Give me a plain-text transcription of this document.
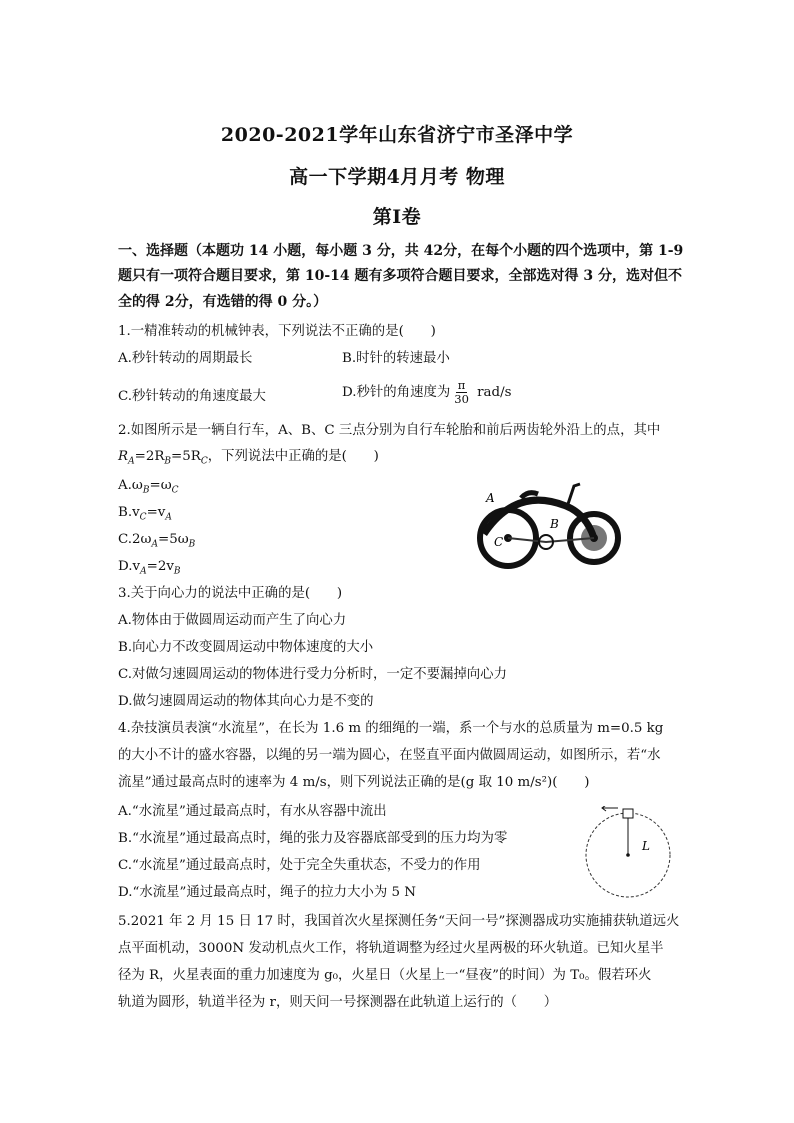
2020-2021学年山东省济宁市圣泽中学
高一下学期4月月考 物理
第Ⅰ卷
一、选择题（本题功 14 小题，每小题 3 分，共 42分，在每个小题的四个选项中，第 1-9
题只有一项符合题目要求，第 10-14 题有多项符合题目要求，全部选对得 3 分，选对但不
全的得 2分，有选错的得 0 分。）
1.一精准转动的机械钟表，下列说法不正确的是(　　)
A.秒针转动的周期最长	B.时针的转速最小
C.秒针转动的角速度最大	D.秒针的角速度为 $\frac{\pi}{30} rad/s$
2.如图所示是一辆自行车，A、B、C 三点分别为自行车轮胎和前后两齿轮外沿上的点，其中
$R_A=2R_B=5R_C$，下列说法中正确的是(　　)
$A.\omega_B=\omega_C$
$B.v_C=v_A$
$C.2\omega_A=5\omega_B$
$D.v_A=2v_B$
A
B
C
3.关于向心力的说法中正确的是(　　)
A.物体由于做圆周运动而产生了向心力
B.向心力不改变圆周运动中物体速度的大小
C.对做匀速圆周运动的物体进行受力分析时，一定不要漏掉向心力
D.做匀速圆周运动的物体其向心力是不变的
4.杂技演员表演“水流星”，在长为 1.6 m 的细绳的一端，系一个与水的总质量为 m=0.5 kg
的大小不计的盛水容器，以绳的另一端为圆心，在竖直平面内做圆周运动，如图所示，若“水
流星”通过最高点时的速率为 4 m/s，则下列说法正确的是(g 取 10 m/s²)(　　)
A.“水流星”通过最高点时，有水从容器中流出
B.“水流星”通过最高点时，绳的张力及容器底部受到的压力均为零
C.“水流星”通过最高点时，处于完全失重状态，不受力的作用
D.“水流星”通过最高点时，绳子的拉力大小为 5 N
L
5.2021 年 2 月 15 日 17 时，我国首次火星探测任务“天问一号”探测器成功实施捕获轨道远火
点平面机动，3000N 发动机点火工作，将轨道调整为经过火星两极的环火轨道。已知火星半
径为 R，火星表面的重力加速度为 g₀，火星日（火星上一“昼夜”的时间）为 T₀。假若环火
轨道为圆形，轨道半径为 r，则天问一号探测器在此轨道上运行的（　　）
